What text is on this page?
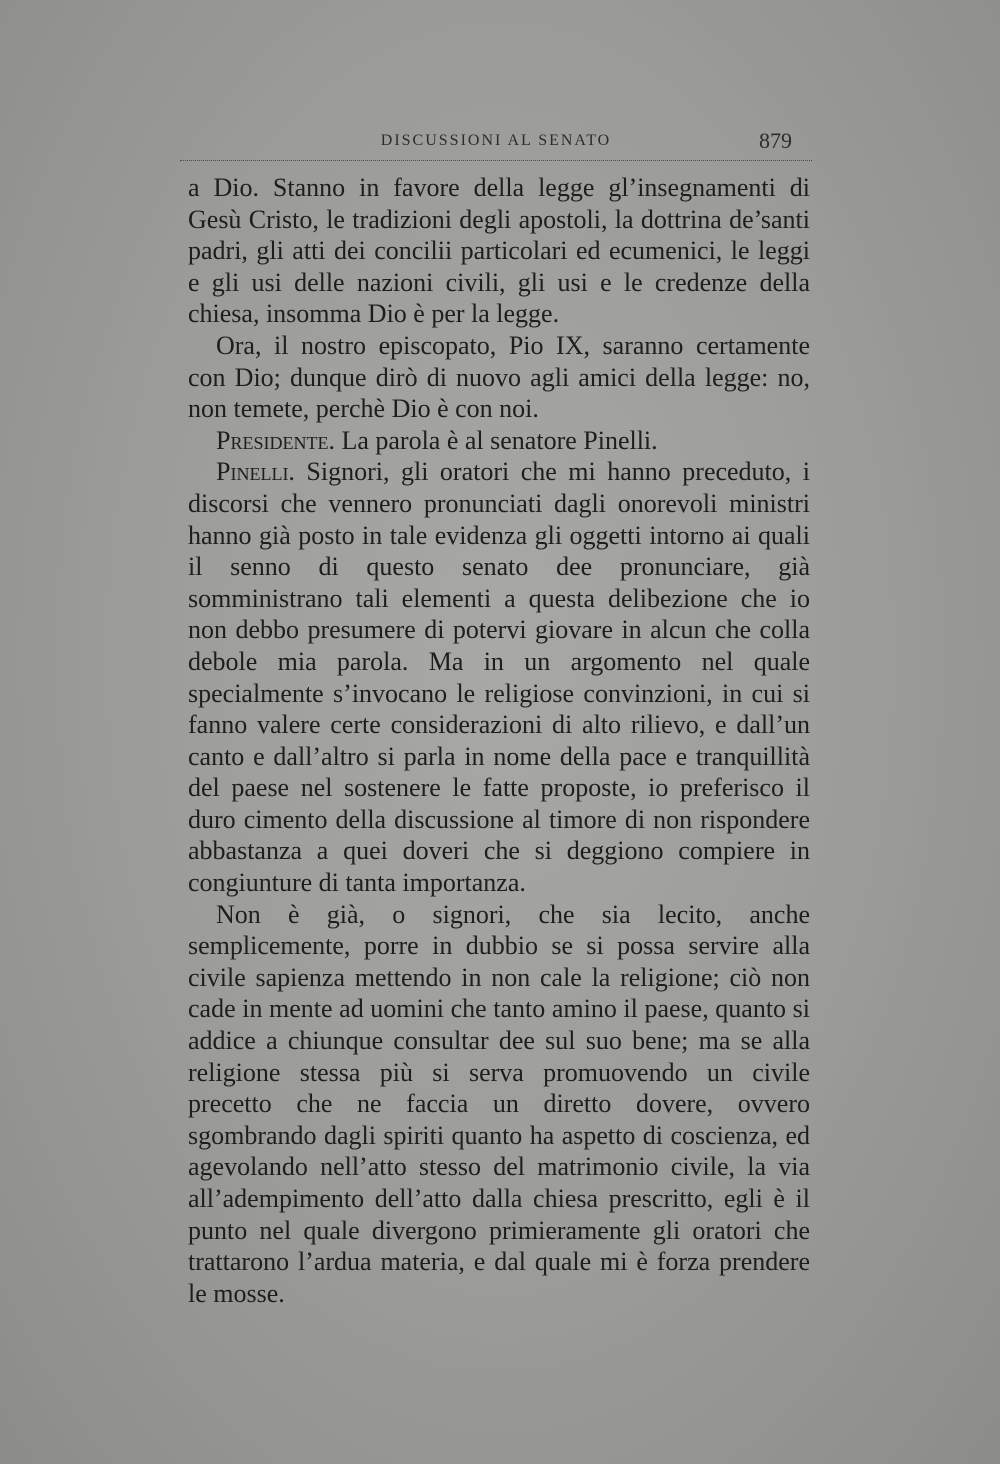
DISCUSSIONI AL SENATO	879

a Dio. Stanno in favore della legge gl’insegnamenti di Gesù Cristo, le tradizioni degli apostoli, la dottrina de’santi padri, gli atti dei concilii particolari ed ecumenici, le leggi e gli usi delle nazioni civili, gli usi e le credenze della chiesa, insomma Dio è per la legge.

Ora, il nostro episcopato, Pio IX, saranno certamente con Dio; dunque dirò di nuovo agli amici della legge: no, non temete, perchè Dio è con noi.

Presidente. La parola è al senatore Pinelli.

Pinelli. Signori, gli oratori che mi hanno preceduto, i discorsi che vennero pronunciati dagli onorevoli ministri hanno già posto in tale evidenza gli oggetti intorno ai quali il senno di questo senato dee pronunciare, già somministrano tali elementi a questa delibezione che io non debbo presumere di potervi giovare in alcun che colla debole mia parola. Ma in un argomento nel quale specialmente s’invocano le religiose convinzioni, in cui si fanno valere certe considerazioni di alto rilievo, e dall’un canto e dall’altro si parla in nome della pace e tranquillità del paese nel sostenere le fatte proposte, io preferisco il duro cimento della discussione al timore di non rispondere abbastanza a quei doveri che si deggiono compiere in congiunture di tanta importanza.

Non è già, o signori, che sia lecito, anche semplicemente, porre in dubbio se si possa servire alla civile sapienza mettendo in non cale la religione; ciò non cade in mente ad uomini che tanto amino il paese, quanto si addice a chiunque consultar dee sul suo bene; ma se alla religione stessa più si serva promuovendo un civile precetto che ne faccia un diretto dovere, ovvero sgombrando dagli spiriti quanto ha aspetto di coscienza, ed agevolando nell’atto stesso del matrimonio civile, la via all’adempimento dell’atto dalla chiesa prescritto, egli è il punto nel quale divergono primieramente gli oratori che trattarono l’ardua materia, e dal quale mi è forza prendere le mosse.
